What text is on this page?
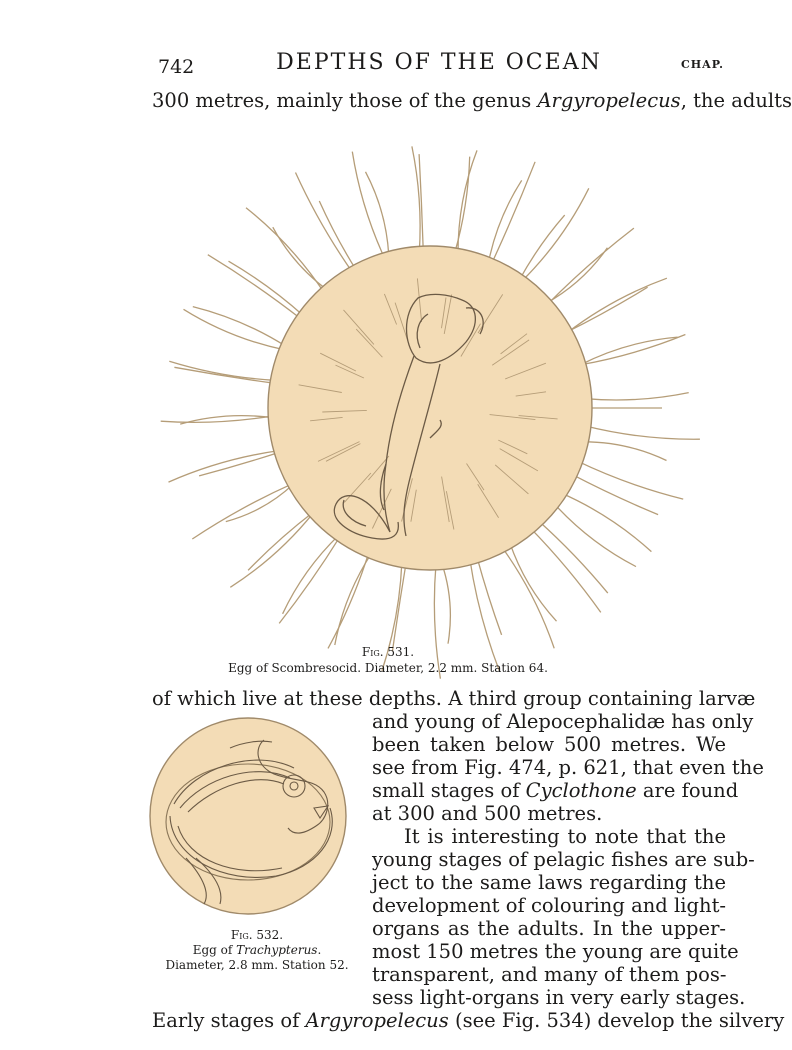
742	DEPTHS OF THE OCEAN	CHAP.
300 metres, mainly those of the genus Argyropelecus, the adults
Fig. 531.
Egg of Scombresocid. Diameter, 2.2 mm. Station 64.
of which live at these depths. A third group containing larvæ
and young of Alepocephalidæ has only
been taken below 500 metres. We
see from Fig. 474, p. 621, that even the
small stages of Cyclothone are found
at 300 and 500 metres.
It is interesting to note that the
young stages of pelagic fishes are sub-
ject to the same laws regarding the
development of colouring and light-
organs as the adults. In the upper-
most 150 metres the young are quite
transparent, and many of them pos-
sess light-organs in very early stages.
Early stages of Argyropelecus (see Fig. 534) develop the silvery
Fig. 532.
Egg of Trachypterus.
Diameter, 2.8 mm. Station 52.
